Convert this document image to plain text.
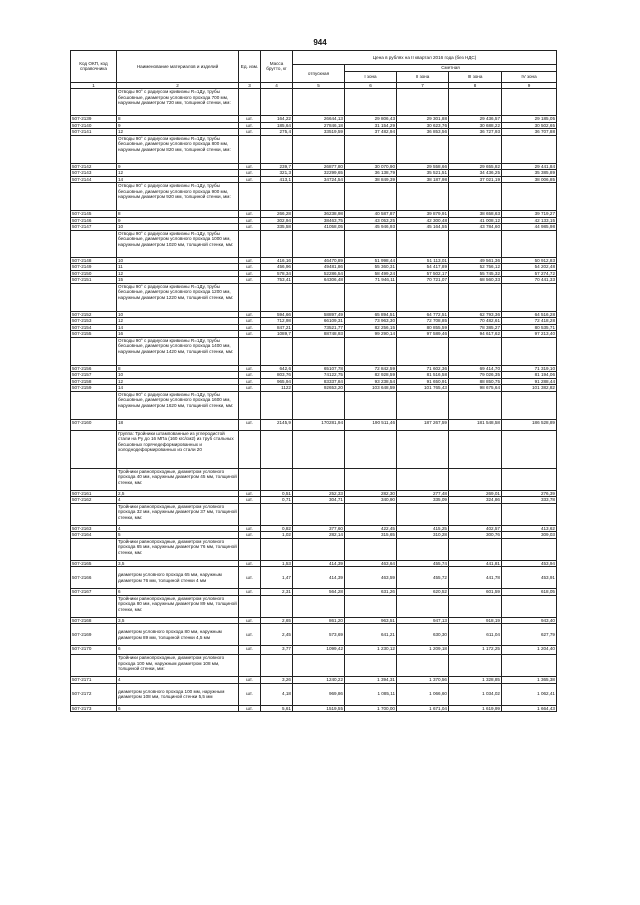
944
Код ОКП, код справочника	Наименование материалов и изделий	Ед. изм.	Масса брутто, кг	Цена в рублях на II квартал 2016 года (без НДС)				
				отпускная	Сметная			
					I зона	II зона	III зона	IV зона

1	2	3	4	5	6	7	8	9
	Отводы 90° с радиусом кривизны R=1Ду, трубы бесшовные, диаметром условного прохода 700 мм, наружным диаметром 720 мм, толщиной стенки, мм:							
507-2139	8	шт.	164,22	26644,13	29 806,43	29 301,88	29 436,57	29 185,05
507-2140	9	шт.	185,64	27846,18	31 154,29	30 623,76	30 688,22	30 502,65
507-2141	12	шт.	275,4	33519,59	37 482,94	36 853,56	36 727,93	36 707,88
	Отводы 90° с радиусом кривизны R=1Ду, трубы бесшовные, диаметром условного прохода 800 мм, наружным диаметром 820 мм, толщиной стенки, мм:							
507-2142	9	шт.	239,7	26877,80	30 070,90	29 558,66	29 655,82	29 441,84
507-2143	12	шт.	321,3	32299,65	36 138,79	35 521,51	34 436,25	35 385,89
507-2144	14	шт.	413,1	34724,54	38 849,39	38 187,98	37 021,19	38 006,85
	Отводы 90° с радиусом кривизны R=1Ду, трубы бесшовные, диаметром условного прохода 900 мм, наружным диаметром 920 мм, толщиной стенки, мм:							
507-2145	8	шт.	266,28	36238,98	40 587,87	39 879,91	38 658,63	39 719,27
507-2146	9	шт.	302,94	38463,75	43 053,25	42 300,48	41 008,12	42 133,15
507-2147	10	шт.	335,58	41058,05	45 946,93	45 164,55	43 784,60	44 985,98
	Отводы 90° с радиусом кривизны R=1Ду, трубы бесшовные, диаметром условного прохода 1000 мм, наружным диаметром 1020 мм, толщиной стенки, мм:							
507-2148	10	шт.	416,16	46470,89	51 998,44	51 113,01	49 561,36	50 912,83
507-2149	11	шт.	456,96	49481,86	55 360,31	54 417,89	52 756,12	54 202,48
507-2150	12	шт.	578,34	52286,54	58 499,24	57 502,17	55 745,32	57 274,72
507-2151	15	шт.	753,41	64306,48	71 946,11	70 721,07	68 560,33	70 441,33
	Отводы 90° с радиусом кривизны R=1Ду, трубы бесшовные, диаметром условного прохода 1200 мм, наружным диаметром 1220 мм, толщиной стенки, мм:							
507-2152	10	шт.	594,66	58897,49	65 894,51	64 772,51	62 793,36	64 516,28
507-2153	12	шт.	712,98	66109,31	73 963,30	72 708,85	70 482,61	72 418,28
507-2154	14	шт.	847,21	73521,77	82 256,15	80 855,59	78 385,27	80 535,71
507-2155	16	шт.	1089,7	88748,93	99 290,14	97 589,46	94 617,62	97 213,40
	Отводы 90° с радиусом кривизны R=1Ду, трубы бесшовные, диаметром условного прохода 1400 мм, наружным диаметром 1420 мм, толщиной стенки, мм:							
507-2156	8	шт.	642,6	65107,78	72 842,59	71 602,36	69 414,70	71 319,10
507-2157	10	шт.	803,76	74122,75	82 928,59	81 516,58	79 026,35	81 194,06
507-2158	12	шт.	965,94	83337,84	93 238,54	91 650,91	88 850,75	91 288,44
507-2159	14	шт.	1122	92653,20	103 648,59	101 765,43	98 675,64	101 382,82
	Отводы 90° с радиусом кривизны R=1Ду, трубы бесшовные, диаметром условного прохода 1600 мм, наружным диаметром 1620 мм, толщиной стенки, мм:							
507-2160	18	шт.	2145,9	170281,94	190 511,46	187 267,59	181 548,58	186 528,89
	Группа: Тройники штампованные из углеродистой стали на Ру до 16 МПа (160 кгс/см2) из труб стальных бесшовных горячедеформированных и холоднодеформированных из стали 20							
	Тройники равнопроходные, диаметром условного прохода 40 мм, наружным диаметром 45 мм, толщиной стенки, мм:							
507-2161	2,5	шт.	0,51	252,33	282,30	277,48	269,01	276,39
507-2162	4	шт.	0,71	304,71	340,90	335,09	324,86	333,78
	Тройники равнопроходные, диаметром условного прохода 32 мм, наружным диаметром 37 мм, толщиной стенки, мм:							
507-2163	4	шт.	0,82	377,60	422,45	415,25	402,57	413,62
507-2164	5	шт.	1,02	282,14	315,65	310,28	300,76	309,03
	Тройники равнопроходные, диаметром условного прохода 65 мм, наружным диаметром 76 мм, толщиной стенки, мм:							
507-2165	3,5	шт.	1,53	414,39	463,64	455,74	441,81	453,94
507-2166	диаметром условного прохода 65 мм, наружным диаметром 76 мм, толщиной стенки 4 мм	шт.	1,47	414,39	463,59	455,72	441,78	453,91
507-2167	6	шт.	2,31	564,28	631,26	620,52	601,59	618,05
	Тройники равнопроходные, диаметром условного прохода 80 мм, наружным диаметром 89 мм, толщиной стенки, мм:							
507-2168	3,5	шт.	2,65	861,20	963,51	947,13	918,19	943,40
507-2169	диаметром условного прохода 80 мм, наружным диаметром 89 мм, толщиной стенки 4,5 мм	шт.	2,45	573,69	641,21	630,30	611,04	627,79
507-2170	6	шт.	3,77	1099,42	1 230,12	1 209,18	1 172,25	1 204,40
	Тройники равнопроходные, диаметром условного прохода 100 мм, наружным диаметром 108 мм, толщиной стенки, мм:							
507-2171	4	шт.	3,26	1240,22	1 394,31	1 370,56	1 328,85	1 365,38
507-2172	диаметром условного прохода 100 мм, наружным диаметром 108 мм, толщиной стенки 5,5 мм	шт.	4,18	969,86	1 085,11	1 066,60	1 034,02	1 062,41
507-2173	6	шт.	5,61	1519,55	1 700,00	1 671,04	1 619,99	1 664,43
